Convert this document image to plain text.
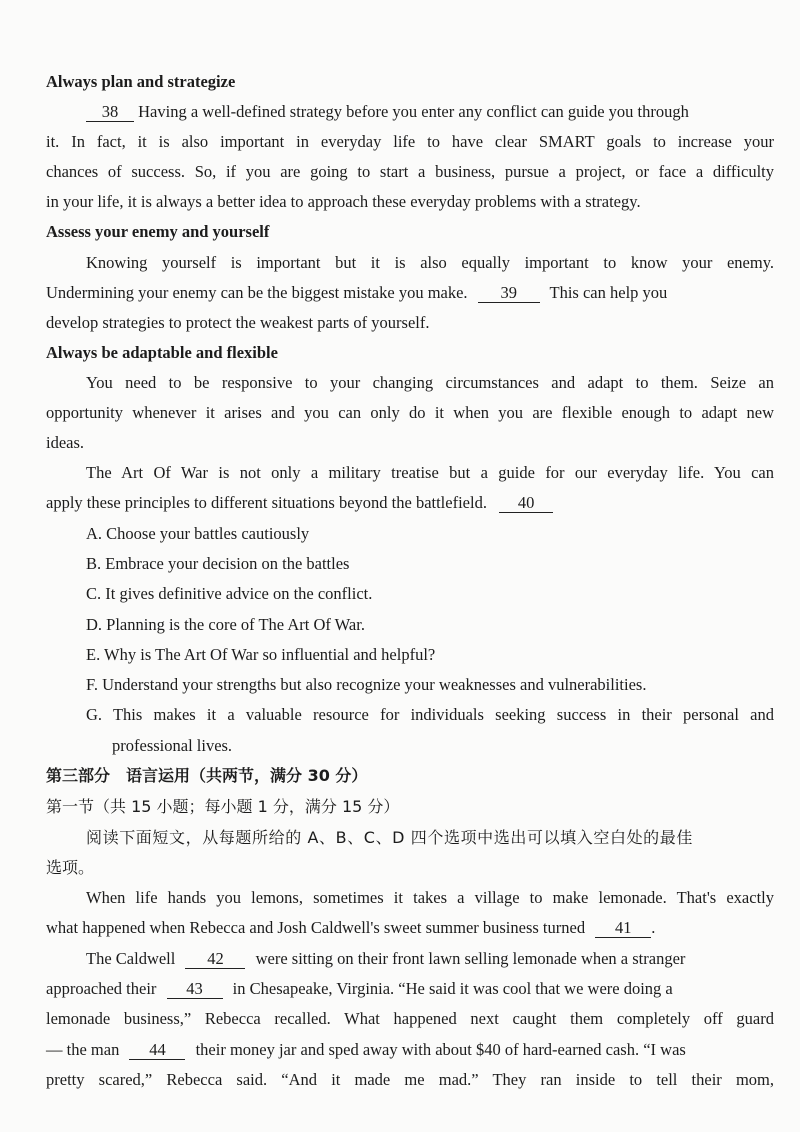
Always plan and strategize
38 Having a well-defined strategy before you enter any conflict can guide you through
it. In fact, it is also important in everyday life to have clear SMART goals to increase your
chances of success. So, if you are going to start a business, pursue a project, or face a difficulty
in your life, it is always a better idea to approach these everyday problems with a strategy.
Assess your enemy and yourself
Knowing yourself is important but it is also equally important to know your enemy.
Undermining your enemy can be the biggest mistake you make. 39 This can help you
develop strategies to protect the weakest parts of yourself.
Always be adaptable and flexible
You need to be responsive to your changing circumstances and adapt to them. Seize an
opportunity whenever it arises and you can only do it when you are flexible enough to adapt new
ideas.
The Art Of War is not only a military treatise but a guide for our everyday life. You can
apply these principles to different situations beyond the battlefield. 40
A. Choose your battles cautiously
B. Embrace your decision on the battles
C. It gives definitive advice on the conflict.
D. Planning is the core of The Art Of War.
E. Why is The Art Of War so influential and helpful?
F. Understand your strengths but also recognize your weaknesses and vulnerabilities.
G. This makes it a valuable resource for individuals seeking success in their personal and
professional lives.
第三部分　语言运用（共两节，满分 30 分）
第一节（共 15 小题；每小题 1 分，满分 15 分）
阅读下面短文，从每题所给的 A、B、C、D 四个选项中选出可以填入空白处的最佳
选项。
When life hands you lemons, sometimes it takes a village to make lemonade. That's exactly
what happened when Rebecca and Josh Caldwell's sweet summer business turned 41 .
The Caldwell 42 were sitting on their front lawn selling lemonade when a stranger
approached their 43 in Chesapeake, Virginia. “He said it was cool that we were doing a
lemonade business,” Rebecca recalled. What happened next caught them completely off guard
— the man 44 their money jar and sped away with about $40 of hard-earned cash. “I was
pretty scared,” Rebecca said. “And it made me mad.” They ran inside to tell their mom,
